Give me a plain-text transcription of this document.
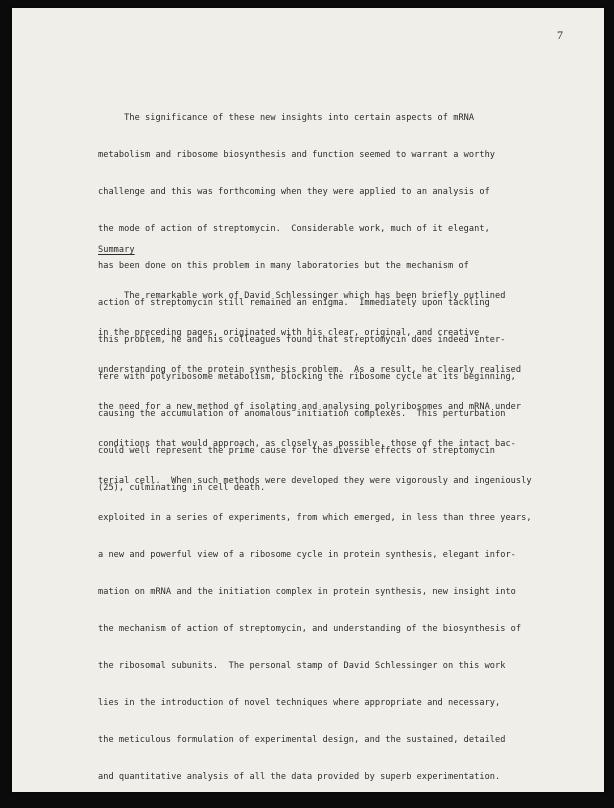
7

The significance of these new insights into certain aspects of mRNA

metabolism and ribosome biosynthesis and function seemed to warrant a worthy

challenge and this was forthcoming when they were applied to an analysis of

the mode of action of streptomycin.  Considerable work, much of it elegant,

has been done on this problem in many laboratories but the mechanism of

action of streptomycin still remained an enigma.  Immediately upon tackling

this problem, he and his colleagues found that streptomycin does indeed inter-

fere with polyribosome metabolism, blocking the ribosome cycle at its beginning,

causing the accumulation of anomalous initiation complexes.  This perturbation

could well represent the prime cause for the diverse effects of streptomycin

(25), culminating in cell death.

Summary

The remarkable work of David Schlessinger which has been briefly outlined

in the preceding pages, originated with his clear, original, and creative

understanding of the protein synthesis problem.  As a result, he clearly realised

the need for a new method of isolating and analysing polyribosomes and mRNA under

conditions that would approach, as closely as possible, those of the intact bac-

terial cell.  When such methods were developed they were vigorously and ingeniously

exploited in a series of experiments, from which emerged, in less than three years,

a new and powerful view of a ribosome cycle in protein synthesis, elegant infor-

mation on mRNA and the initiation complex in protein synthesis, new insight into

the mechanism of action of streptomycin, and understanding of the biosynthesis of

the ribosomal subunits.  The personal stamp of David Schlessinger on this work

lies in the introduction of novel techniques where appropriate and necessary,

the meticulous formulation of experimental design, and the sustained, detailed

and quantitative analysis of all the data provided by superb experimentation.
